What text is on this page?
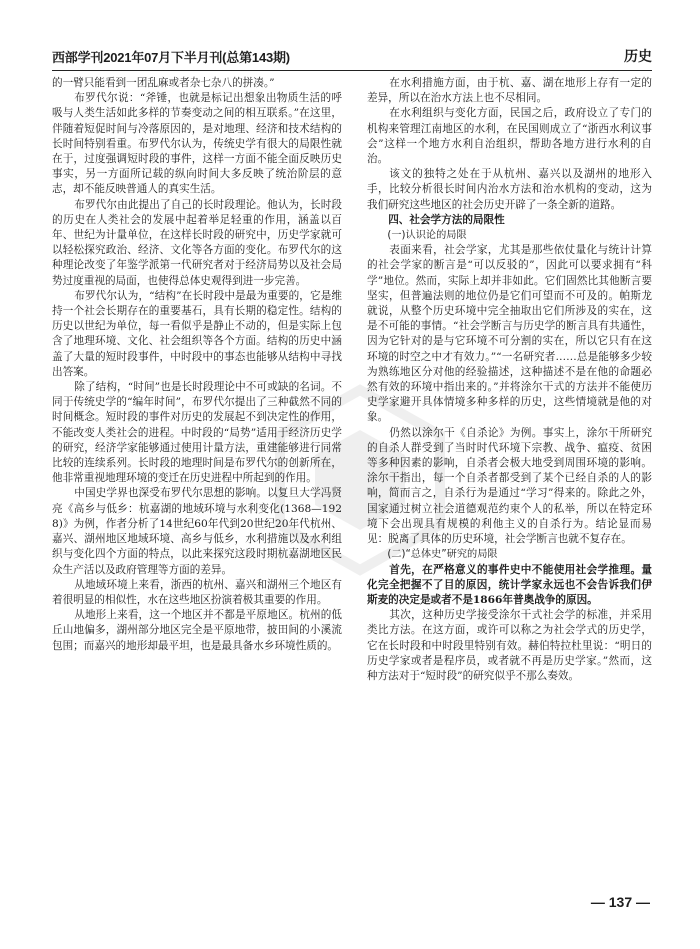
西部学刊2021年07月下半月刊(总第143期)	历史

的一臂只能看到一团乱麻或者杂七杂八的拼凑。”

布罗代尔说：“斧锤，也就是标记出想象出物质生活的呼吸与人类生活如此多样的节奏变动之间的相互联系。”在这里，伴随着短促时间与冷落原因的，是对地理、经济和技术结构的长时间特别看重。布罗代尔认为，传统史学有很大的局限性就在于，过度强调短时段的事件，这样一方面不能全面反映历史事实，另一方面所记载的纵向时间大多反映了统治阶层的意志，却不能反映普通人的真实生活。

布罗代尔由此提出了自己的长时段理论。他认为，长时段的历史在人类社会的发展中起着举足轻重的作用，涵盖以百年、世纪为计量单位，在这样长时段的研究中，历史学家就可以轻松探究政治、经济、文化等各方面的变化。布罗代尔的这种理论改变了年鉴学派第一代研究者对于经济局势以及社会局势过度重视的局面，也使得总体史观得到进一步完善。

布罗代尔认为，“结构”在长时段中是最为重要的，它是维持一个社会长期存在的重要基石，具有长期的稳定性。结构的历史以世纪为单位，每一看似乎是静止不动的，但是实际上包含了地理环境、文化、社会组织等各个方面。结构的历史中涵盖了大量的短时段事件，中时段中的事态也能够从结构中寻找出答案。

除了结构，“时间”也是长时段理论中不可或缺的名词。不同于传统史学的“编年时间”，布罗代尔提出了三种截然不同的时间概念。短时段的事件对历史的发展起不到决定性的作用，不能改变人类社会的进程。中时段的“局势”适用于经济历史学的研究，经济学家能够通过使用计量方法，重建能够进行同常比较的连续系列。长时段的地理时间是布罗代尔的创新所在，他非常重视地理环境的变迁在历史进程中所起到的作用。

中国史学界也深受布罗代尔思想的影响。以复旦大学冯贤亮《高乡与低乡：杭嘉湖的地域环境与水利变化(1368—1928)》为例，作者分析了14世纪60年代到20世纪20年代杭州、嘉兴、湖州地区地域环境、高乡与低乡，水利措施以及水利组织与变化四个方面的特点，以此来探究这段时期杭嘉湖地区民众生产活以及政府管理等方面的差异。

从地域环境上来看，浙西的杭州、嘉兴和湖州三个地区有着很明显的相似性，水在这些地区扮演着极其重要的作用。

从地形上来看，这一个地区并不都是平原地区。杭州的低丘山地偏多，湖州部分地区完全是平原地带，披田间的小溪流包围；而嘉兴的地形却最平坦，也是最具备水乡环境性质的。

在水利措施方面，由于杭、嘉、湖在地形上存有一定的差异，所以在治水方法上也不尽相同。

在水利组织与变化方面，民国之后，政府设立了专门的机构来管理江南地区的水利，在民国则成立了“浙西水利议事会”这样一个地方水利自治组织，帮助各地方进行水利的自治。

该文的独特之处在于从杭州、嘉兴以及湖州的地形入手，比较分析很长时间内治水方法和治水机构的变动，这为我们研究这些地区的社会历史开辟了一条全新的道路。

四、社会学方法的局限性

(一)认识论的局限

表面来看，社会学家，尤其是那些依仗量化与统计计算的社会学家的断言是“可以反驳的”，因此可以要求拥有“科学”地位。然而，实际上却并非如此。它们固然比其他断言要坚实，但普遍法则的地位仍是它们可望而不可及的。帕斯龙就说，从整个历史环境中完全抽取出它们所涉及的实在，这是不可能的事情。“社会学断言与历史学的断言具有共通性，因为它针对的是与它环境不可分割的实在，所以它只有在这环境的时空之中才有效力。”“一名研究者……总是能够多少较为熟练地区分对他的经验描述，这种描述不是在他的命题必然有效的环境中指出来的。”并将涂尔干式的方法并不能使历史学家避开具体情境多种多样的历史，这些情境就是他的对象。

仍然以涂尔干《自杀论》为例。事实上，涂尔干所研究的自杀人群受到了当时时代环境下宗教、战争、瘟疫、贫困等多种因素的影响，自杀者会极大地受到周围环境的影响。涂尔干指出，每一个自杀者都受到了某个已经自杀的人的影响，简而言之，自杀行为是通过“学习”得来的。除此之外，国家通过树立社会道德观范约束个人的私举，所以在特定环境下会出现具有规模的利他主义的自杀行为。结论显而易见：脱离了具体的历史环境，社会学断言也就不复存在。

(二)“总体史”研究的局限

首先，在严格意义的事件史中不能使用社会学推理。量化完全把握不了目的原因，统计学家永远也不会告诉我们伊斯麦的决定是或者不是1866年普奥战争的原因。

其次，这种历史学接受涂尔干式社会学的标准，并采用类比方法。在这方面，或许可以称之为社会学式的历史学，它在长时段和中时段里特别有效。赫伯特拉杜里说：“明日的历史学家或者是程序员，或者就不再是历史学家。”然而，这种方法对于“短时段”的研究似乎不那么奏效。

— 137 —
